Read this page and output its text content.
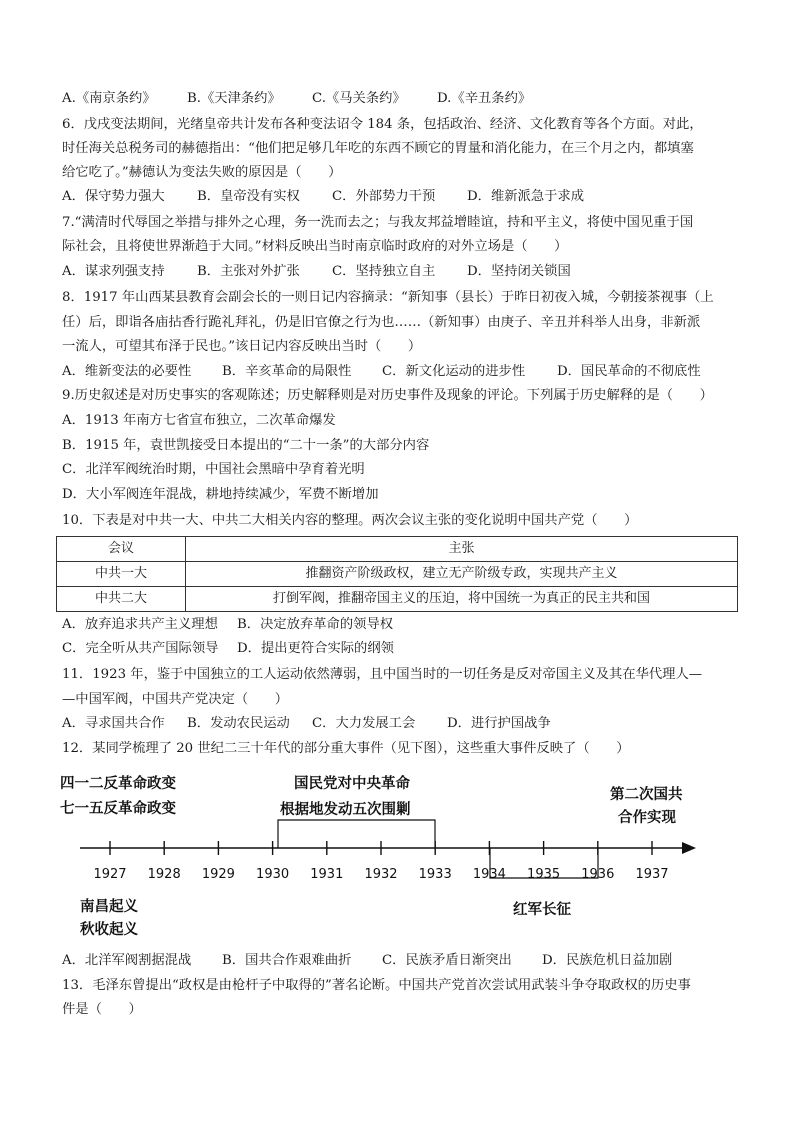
A.《南京条约》 B.《天津条约》 C.《马关条约》 D.《辛丑条约》
6．戊戌变法期间，光绪皇帝共计发布各种变法诏令 184 条，包括政治、经济、文化教育等各个方面。对此，
时任海关总税务司的赫德指出：“他们把足够几年吃的东西不顾它的胃量和消化能力，在三个月之内，都填塞
给它吃了。”赫德认为变法失败的原因是（　　）
A．保守势力强大 B．皇帝没有实权 C．外部势力干预 D．维新派急于求成
7.“满清时代辱国之举措与排外之心理，务一洗而去之；与我友邦益增睦谊，持和平主义，将使中国见重于国
际社会，且将使世界渐趋于大同。”材料反映出当时南京临时政府的对外立场是（　　）
A．谋求列强支持 B．主张对外扩张 C．坚持独立自主 D．坚持闭关锁国
8．1917 年山西某县教育会副会长的一则日记内容摘录：“新知事（县长）于昨日初夜入城，今朝接茶视事（上
任）后，即诣各庙拈香行跪礼拜礼，仍是旧官僚之行为也……（新知事）由庚子、辛丑并科举人出身，非新派
一流人，可望其布泽于民也。”该日记内容反映出当时（　　）
A．维新变法的必要性 B．辛亥革命的局限性 C．新文化运动的进步性 D．国民革命的不彻底性
9.历史叙述是对历史事实的客观陈述；历史解释则是对历史事件及现象的评论。下列属于历史解释的是（　　）
A．1913 年南方七省宣布独立，二次革命爆发
B．1915 年，袁世凯接受日本提出的“二十一条”的大部分内容
C．北洋军阀统治时期，中国社会黑暗中孕育着光明
D．大小军阀连年混战，耕地持续减少，军费不断增加
10．下表是对中共一大、中共二大相关内容的整理。两次会议主张的变化说明中国共产党（　　）
会议	主张
中共一大	推翻资产阶级政权，建立无产阶级专政，实现共产主义
中共二大	打倒军阀，推翻帝国主义的压迫，将中国统一为真正的民主共和国
A．放弃追求共产主义理想 B．决定放弃革命的领导权
C．完全听从共产国际领导 D．提出更符合实际的纲领
11．1923 年，鉴于中国独立的工人运动依然薄弱，且中国当时的一切任务是反对帝国主义及其在华代理人—
—中国军阀，中国共产党决定（　　）
A．寻求国共合作 B．发动农民运动 C．大力发展工会 D．进行护国战争
12．某同学梳理了 20 世纪二三十年代的部分重大事件（见下图），这些重大事件反映了（　　）
四一二反革命政变
七一五反革命政变
国民党对中央革命
根据地发动五次围剿
第二次国共
合作实现
南昌起义
秋收起义
红军长征
1927 1928 1929 1930 1931 1932 1933 1934 1935 1936 1937
A．北洋军阀割据混战 B．国共合作艰难曲折 C．民族矛盾日渐突出 D．民族危机日益加剧
13．毛泽东曾提出“政权是由枪杆子中取得的”著名论断。中国共产党首次尝试用武装斗争夺取政权的历史事
件是（　　）
